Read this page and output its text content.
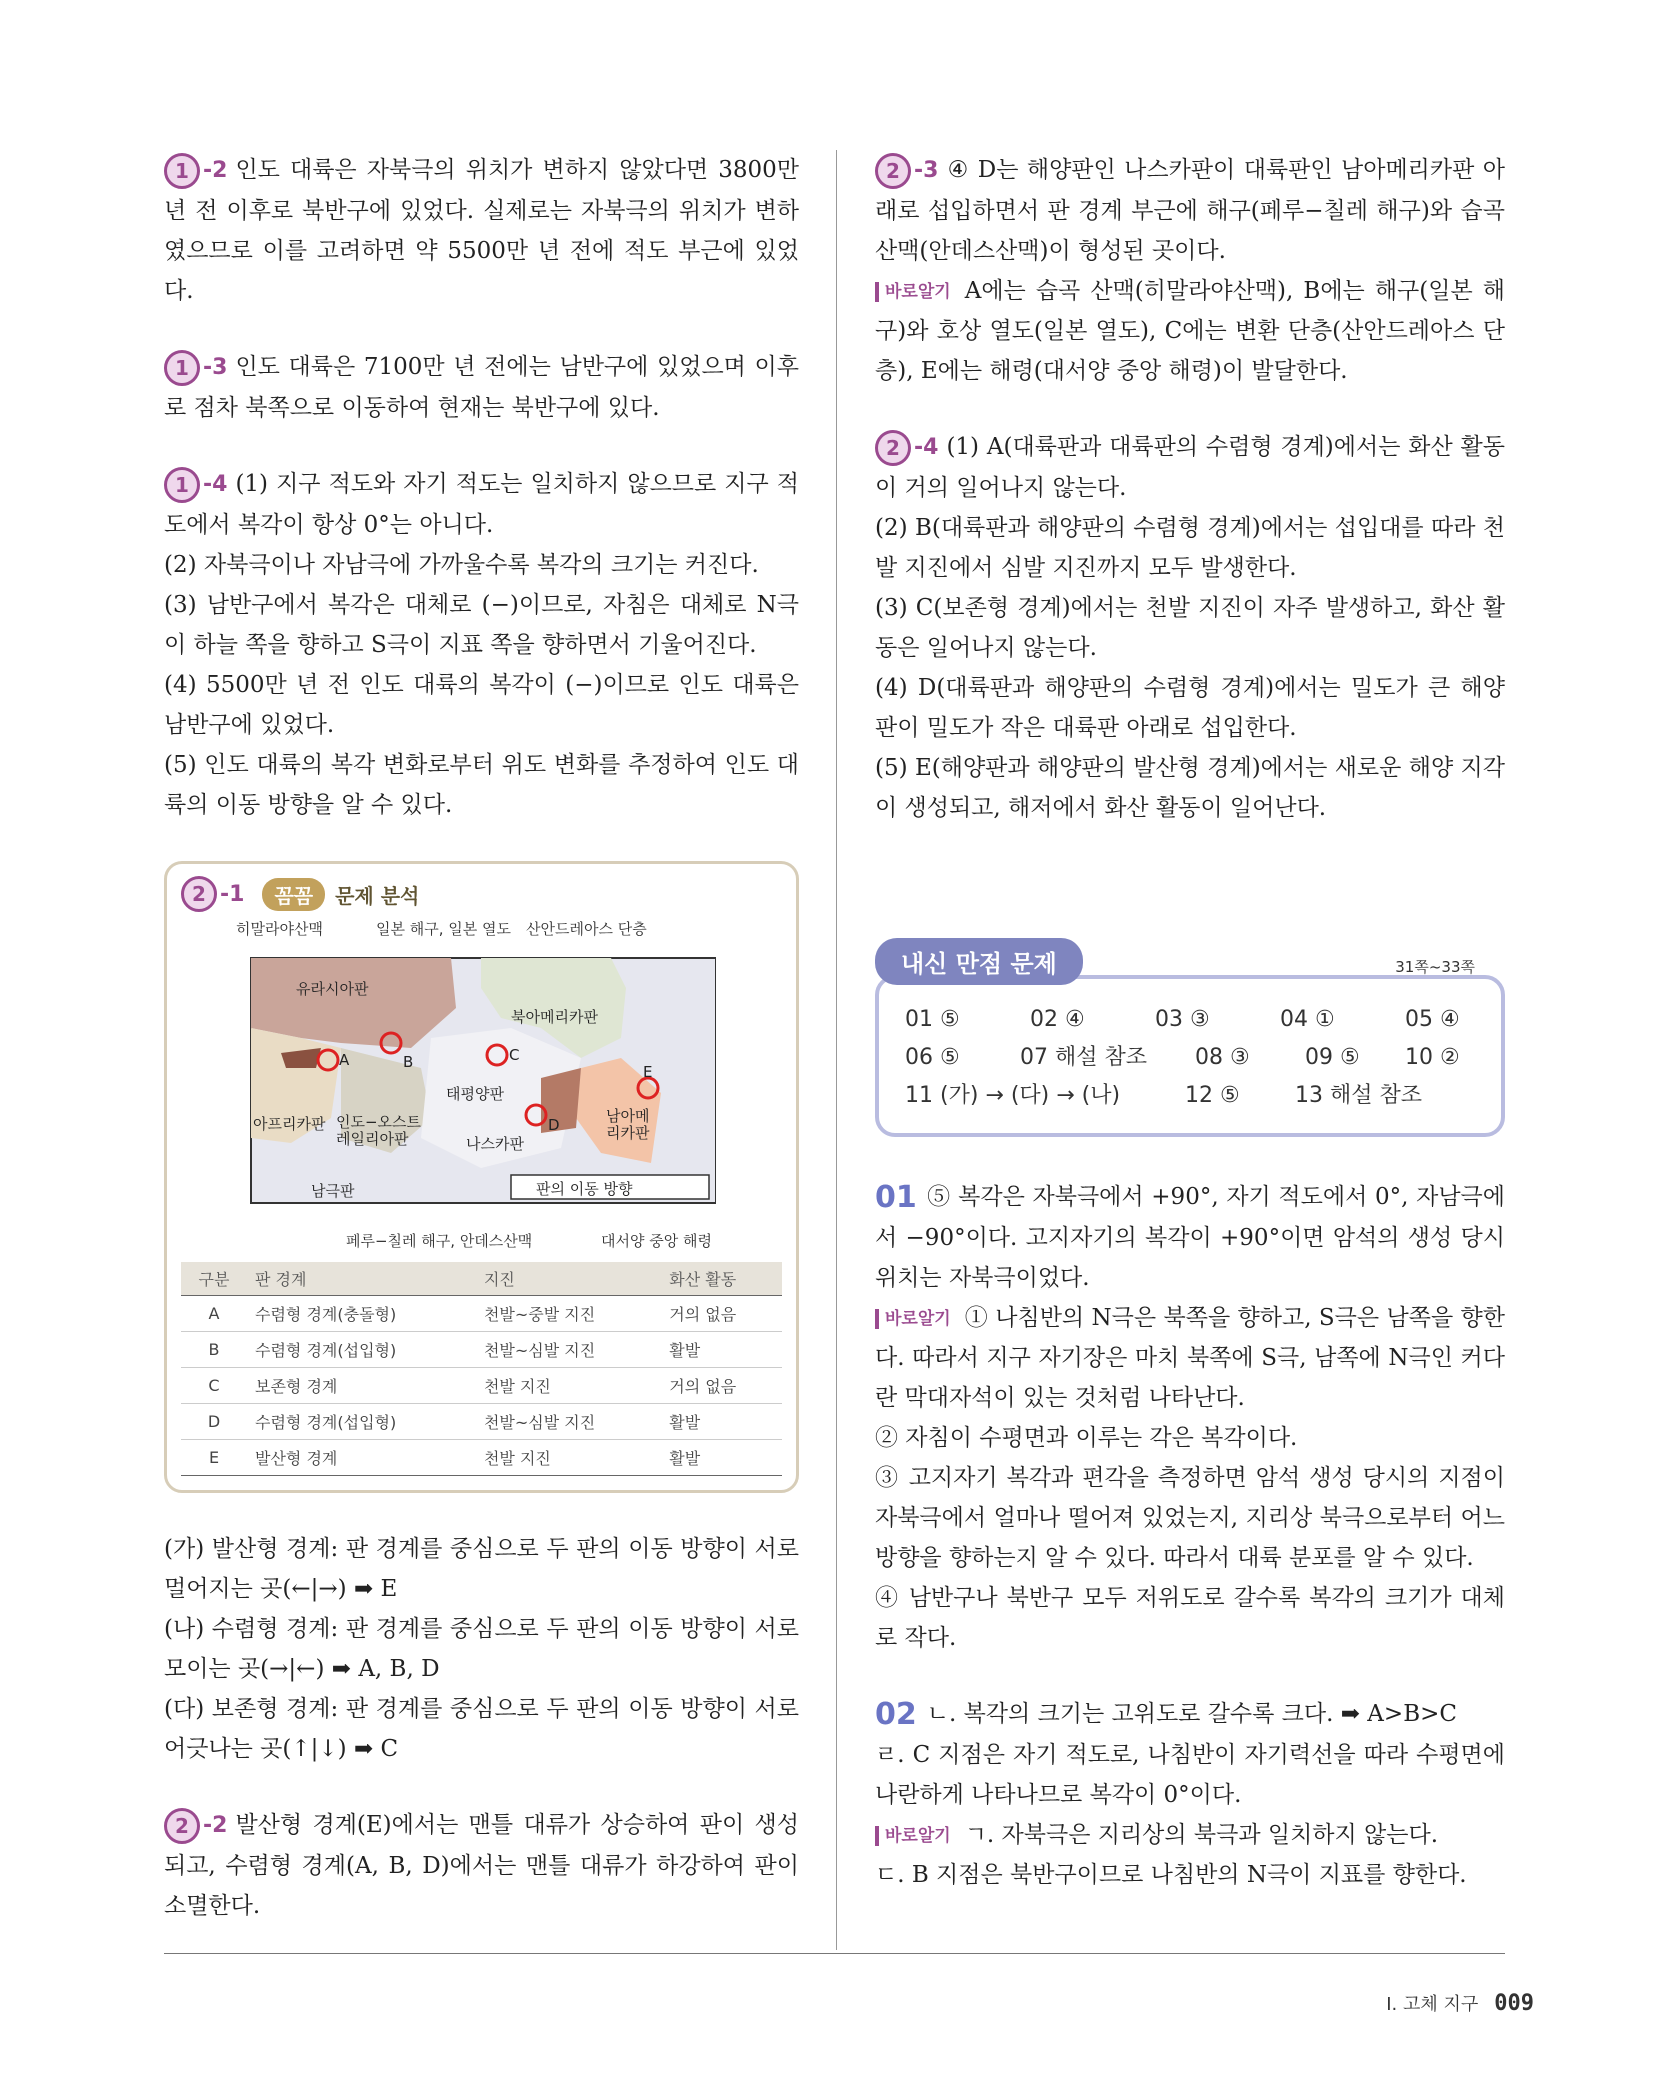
1 -2 인도 대륙은 자북극의 위치가 변하지 않았다면 3800만 년 전 이후로 북반구에 있었다. 실제로는 자북극의 위치가 변하였으므로 이를 고려하면 약 5500만 년 전에 적도 부근에 있었다.

1 -3 인도 대륙은 7100만 년 전에는 남반구에 있었으며 이후로 점차 북쪽으로 이동하여 현재는 북반구에 있다.

1 -4 (1) 지구 적도와 자기 적도는 일치하지 않으므로 지구 적도에서 복각이 항상 0°는 아니다.

(2) 자북극이나 자남극에 가까울수록 복각의 크기는 커진다.

(3) 남반구에서 복각은 대체로 (−)이므로, 자침은 대체로 N극이 하늘 쪽을 향하고 S극이 지표 쪽을 향하면서 기울어진다.

(4) 5500만 년 전 인도 대륙의 복각이 (−)이므로 인도 대륙은 남반구에 있었다.

(5) 인도 대륙의 복각 변화로부터 위도 변화를 추정하여 인도 대륙의 이동 방향을 알 수 있다.

2 -1	꼼꼼	문제 분석
히말라야산맥	일본 해구, 일본 열도 산안드레아스 단층
유라시아판
북아메리카판
태평양판
아프리카판 인도−오스트레일리아판	나스카판
남아메리카판
남극판	판의 이동 방향
A	B	C
D
E
페루−칠레 해구, 안데스산맥	대서양 중앙 해령
구분	판 경계	지진	화산 활동
A	수렴형 경계(충돌형)	천발~중발 지진	거의 없음
B	수렴형 경계(섭입형)	천발~심발 지진	활발
C	보존형 경계	천발 지진	거의 없음
D	수렴형 경계(섭입형)	천발~심발 지진	활발
E	발산형 경계	천발 지진	활발

(가) 발산형 경계: 판 경계를 중심으로 두 판의 이동 방향이 서로 멀어지는 곳(←|→) ➡ E

(나) 수렴형 경계: 판 경계를 중심으로 두 판의 이동 방향이 서로 모이는 곳(→|←) ➡ A, B, D

(다) 보존형 경계: 판 경계를 중심으로 두 판의 이동 방향이 서로 어긋나는 곳(↑|↓) ➡ C

2 -2 발산형 경계(E)에서는 맨틀 대류가 상승하여 판이 생성되고, 수렴형 경계(A, B, D)에서는 맨틀 대류가 하강하여 판이 소멸한다.

2 -3 ④ D는 해양판인 나스카판이 대륙판인 남아메리카판 아래로 섭입하면서 판 경계 부근에 해구(페루−칠레 해구)와 습곡 산맥(안데스산맥)이 형성된 곳이다.

바로알기 A에는 습곡 산맥(히말라야산맥), B에는 해구(일본 해구)와 호상 열도(일본 열도), C에는 변환 단층(산안드레아스 단층), E에는 해령(대서양 중앙 해령)이 발달한다.

2 -4 (1) A(대륙판과 대륙판의 수렴형 경계)에서는 화산 활동이 거의 일어나지 않는다.

(2) B(대륙판과 해양판의 수렴형 경계)에서는 섭입대를 따라 천발 지진에서 심발 지진까지 모두 발생한다.

(3) C(보존형 경계)에서는 천발 지진이 자주 발생하고, 화산 활동은 일어나지 않는다.

(4) D(대륙판과 해양판의 수렴형 경계)에서는 밀도가 큰 해양판이 밀도가 작은 대륙판 아래로 섭입한다.

(5) E(해양판과 해양판의 발산형 경계)에서는 새로운 해양 지각이 생성되고, 해저에서 화산 활동이 일어난다.

내신 만점 문제	31쪽~33쪽
01 ⑤	02 ④	03 ③	04 ①	05 ④
06 ⑤	07 해설 참조	08 ③	09 ⑤	10 ②
11 (가) → (다) → (나)	12 ⑤	13 해설 참조

01 ⑤ 복각은 자북극에서 +90°, 자기 적도에서 0°, 자남극에서 −90°이다. 고지자기의 복각이 +90°이면 암석의 생성 당시 위치는 자북극이었다.

바로알기 ① 나침반의 N극은 북쪽을 향하고, S극은 남쪽을 향한다. 따라서 지구 자기장은 마치 북쪽에 S극, 남쪽에 N극인 커다란 막대자석이 있는 것처럼 나타난다.

② 자침이 수평면과 이루는 각은 복각이다.

③ 고지자기 복각과 편각을 측정하면 암석 생성 당시의 지점이 자북극에서 얼마나 떨어져 있었는지, 지리상 북극으로부터 어느 방향을 향하는지 알 수 있다. 따라서 대륙 분포를 알 수 있다.

④ 남반구나 북반구 모두 저위도로 갈수록 복각의 크기가 대체로 작다.

02 ㄴ. 복각의 크기는 고위도로 갈수록 크다. ➡ A>B>C

ㄹ. C 지점은 자기 적도로, 나침반이 자기력선을 따라 수평면에 나란하게 나타나므로 복각이 0°이다.

바로알기 ㄱ. 자북극은 지리상의 북극과 일치하지 않는다.

ㄷ. B 지점은 북반구이므로 나침반의 N극이 지표를 향한다.

I. 고체 지구 009
